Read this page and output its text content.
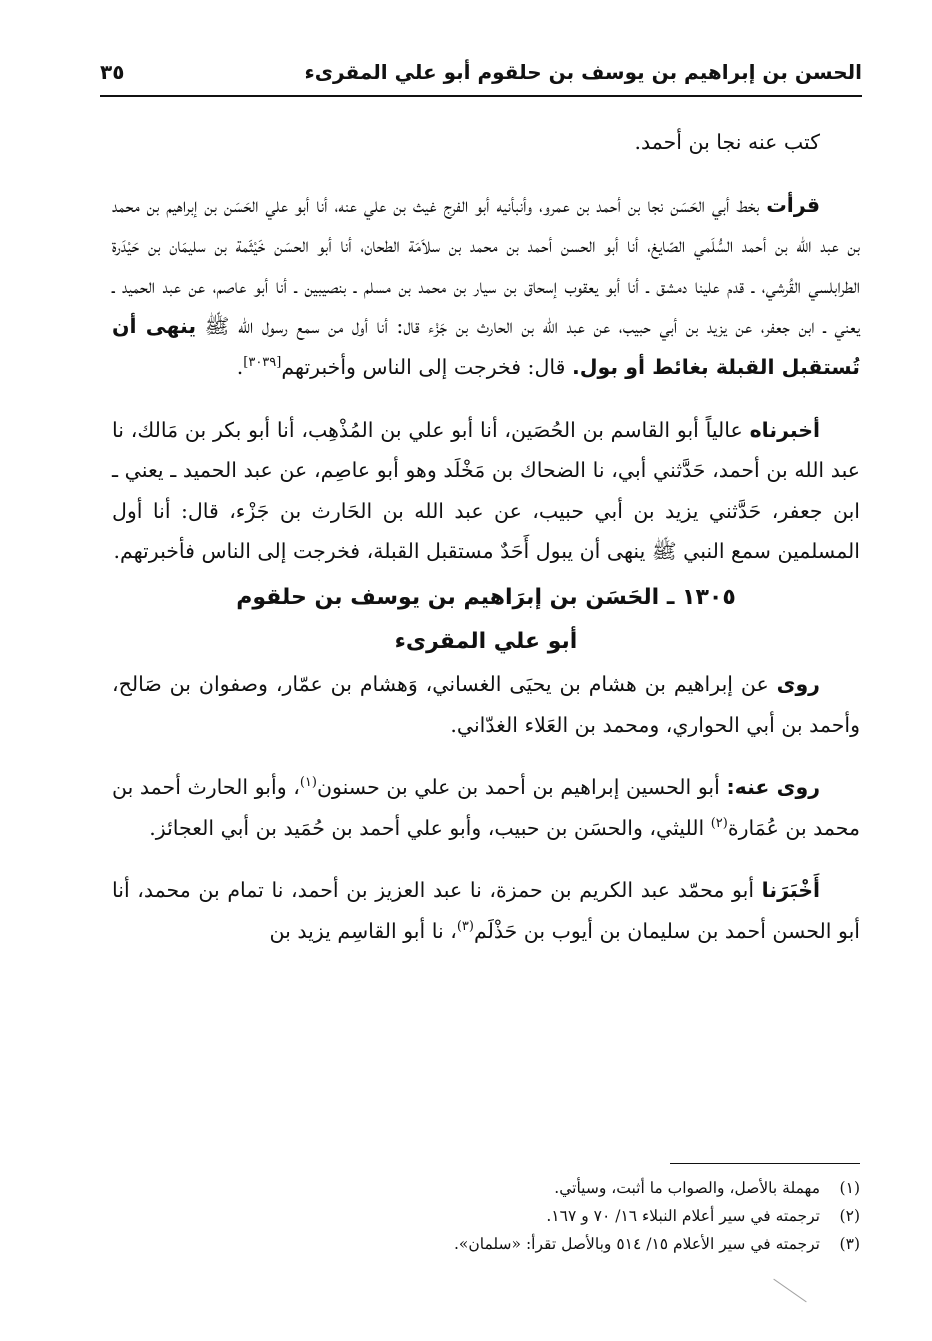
الحسن بن إبراهيم بن يوسف بن حلقوم أبو علي المقرىء
٣٥

كتب عنه نجا بن أحمد.

قرأت بخط أبي الحَسَن نجا بن أحمد بن عمرو، وأنبأنيه أبو الفرج غيث بن علي عنه، أنا أبو علي الحَسَن بن إبراهيم بن محمد بن عبد الله بن أحمد السُّلَمي الصّايغ، أنا أبو الحسن أحمد بن محمد بن سلاَمَة الطحان، أنا أبو الحسَن خَيْثَمة بن سليمَان بن حَيْدَرة الطرابلسي القُرشي، ـ قدم علينا دمشق ـ أنا أبو يعقوب إسحاق بن سيار بن محمد بن مسلم ـ بنصيبين ـ أنا أبو عاصم، عن عبد الحميد ـ يعني ـ ابن جعفر، عن يزيد بن أبي حبيب، عن عبد الله بن الحارث بن جَزْء قال: أنا أول من سمع رسول الله ﷺ ينهى أن تُستقبل القبلة بغائط أو بول. قال: فخرجت إلى الناس وأخبرتهم[٣٠٣٩].

أخبرناه عالياً أبو القاسم بن الحُصَين، أنا أبو علي بن المُذْهِب، أنا أبو بكر بن مَالك، نا عبد الله بن أحمد، حَدَّثني أبي، نا الضحاك بن مَخْلَد وهو أبو عاصِم، عن عبد الحميد ـ يعني ـ ابن جعفر، حَدَّثني يزيد بن أبي حبيب، عن عبد الله بن الحَارث بن جَزْء، قال: أنا أول المسلمين سمع النبي ﷺ ينهى أن يبول أَحَدٌ مستقبل القبلة، فخرجت إلى الناس فأخبرتهم.

١٣٠٥ ـ الحَسَن بن إبرَاهيم بن يوسف بن حلقوم

أبو علي المقرىء

روى عن إبراهيم بن هشام بن يحيَى الغساني، وَهشام بن عمّار، وصفوان بن صَالح، وأحمد بن أبي الحواري، ومحمد بن العَلاء الغدّاني.

روى عنه: أبو الحسين إبراهيم بن أحمد بن علي بن حسنون$^{(١)}$، وأبو الحارث أحمد بن محمد بن عُمَارة$^{(٢)}$ الليثي، والحسَن بن حبيب، وأبو علي أحمد بن حُمَيد بن أبي العجائز.

أَخْبَرَنا أبو محمّد عبد الكريم بن حمزة، نا عبد العزيز بن أحمد، نا تمام بن محمد، أنا أبو الحسن أحمد بن سليمان بن أيوب بن حَذْلَم$^{(٣)}$، نا أبو القاسِم يزيد بن

(١)
مهملة بالأصل، والصواب ما أثبت، وسيأتي.
(٢)
ترجمته في سير أعلام النبلاء ١٦/ ٧٠ و ١٦٧.
(٣)
ترجمته في سير الأعلام ١٥/ ٥١٤ وبالأصل تقرأ: «سلمان».
